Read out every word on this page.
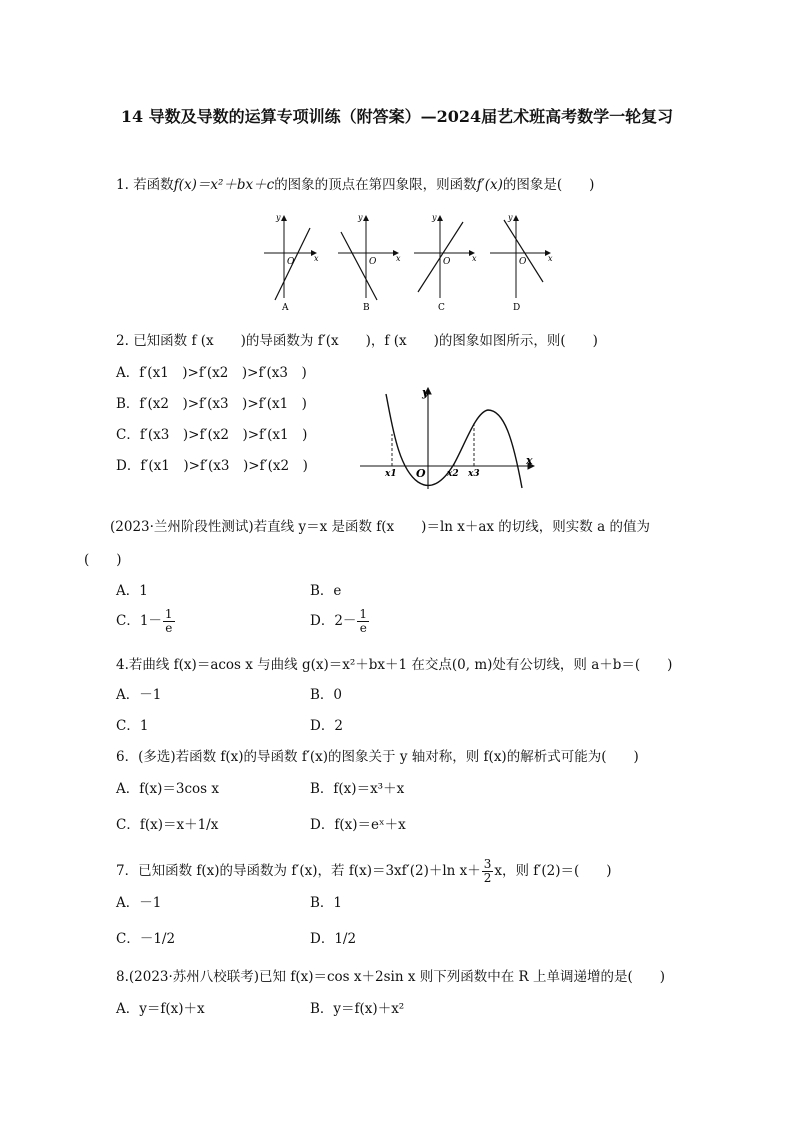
14 导数及导数的运算专项训练（附答案）—2024届艺术班高考数学一轮复习
1. 若函数f(x)＝x²＋bx＋c的图象的顶点在第四象限，则函数f′(x)的图象是(　　)
y
x
O
A
y
x
O
B
y
x
O
C
y
x
O
D
2. 已知函数 f (x　　)的导函数为 f′(x　　)，f (x　　)的图象如图所示，则(　　)
A．f′(x1　)>f′(x2　)>f′(x3　)
B．f′(x2　)>f′(x3　)>f′(x1　)
C．f′(x3　)>f′(x2　)>f′(x1　)
D．f′(x1　)>f′(x3　)>f′(x2　)
y
x
O
x1	x2 x3
(2023·兰州阶段性测试)若直线 y＝x 是函数 f(x　　)＝ln x＋ax 的切线，则实数 a 的值为
(　　)
A．1	B．e
C．$1- \frac{1}{e}$	D．$2- \frac{1}{e}$
4.若曲线 f(x)＝acos x 与曲线 g(x)＝x²＋bx＋1 在交点(0, m)处有公切线，则 a＋b＝(　　)
A．－1	B．0
C．1	D．2
6．(多选)若函数 f(x)的导函数 f′(x)的图象关于 y 轴对称，则 f(x)的解析式可能为(　　)
A．f(x)＝3cos x	B．f(x)＝x³＋x
C．f(x)＝x＋1/x	D．f(x)＝eˣ＋x
7．已知函数 f(x)的导函数为 f′(x)，若 f(x)＝3xf′(2)＋ln $x+ \frac{3}{2}$ x，则 f′(2)＝(　　)
A．－1	B．1
C．－1/2	D．1/2
8.(2023·苏州八校联考)已知 f(x)＝cos x＋2sin x 则下列函数中在 R 上单调递增的是(　　)
A．y＝f(x)＋x	B．y＝f(x)＋x²
